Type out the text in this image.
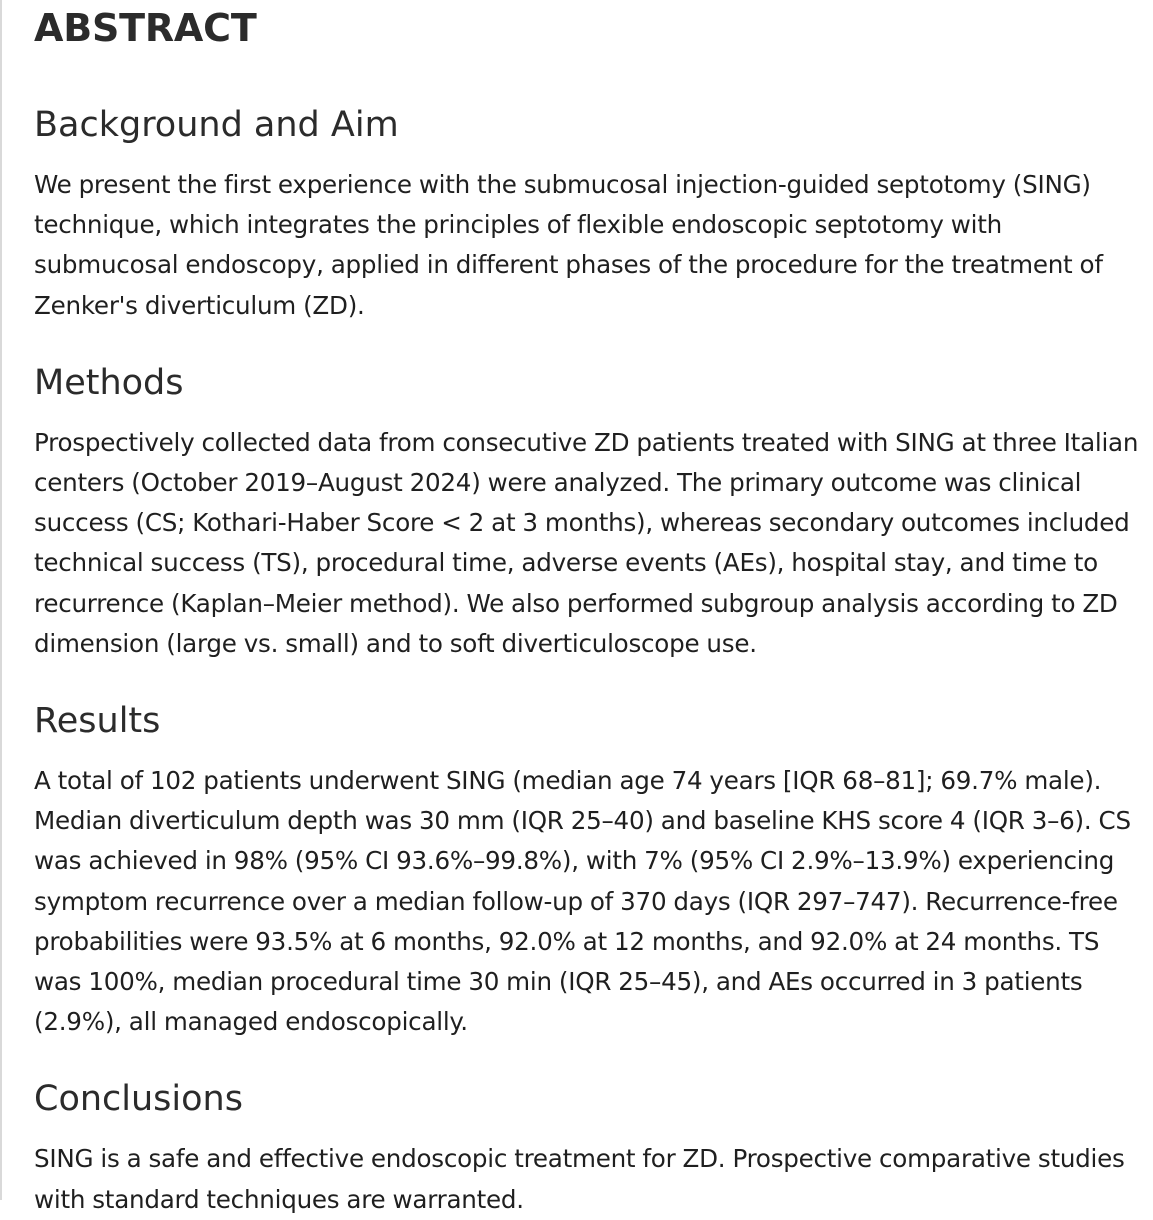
ABSTRACT
Background and Aim

We present the first experience with the submucosal injection-guided septotomy (SING) technique, which integrates the principles of flexible endoscopic septotomy with submucosal endoscopy, applied in different phases of the procedure for the treatment of Zenker's diverticulum (ZD).

Methods

Prospectively collected data from consecutive ZD patients treated with SING at three Italian centers (October 2019–August 2024) were analyzed. The primary outcome was clinical success (CS; Kothari-Haber Score < 2 at 3 months), whereas secondary outcomes included technical success (TS), procedural time, adverse events (AEs), hospital stay, and time to recurrence (Kaplan–Meier method). We also performed subgroup analysis according to ZD dimension (large vs. small) and to soft diverticuloscope use.

Results

A total of 102 patients underwent SING (median age 74 years [IQR 68–81]; 69.7% male). Median diverticulum depth was 30 mm (IQR 25–40) and baseline KHS score 4 (IQR 3–6). CS was achieved in 98% (95% CI 93.6%–99.8%), with 7% (95% CI 2.9%–13.9%) experiencing symptom recurrence over a median follow-up of 370 days (IQR 297–747). Recurrence-free probabilities were 93.5% at 6 months, 92.0% at 12 months, and 92.0% at 24 months. TS was 100%, median procedural time 30 min (IQR 25–45), and AEs occurred in 3 patients (2.9%), all managed endoscopically.

Conclusions

SING is a safe and effective endoscopic treatment for ZD. Prospective comparative studies with standard techniques are warranted.
